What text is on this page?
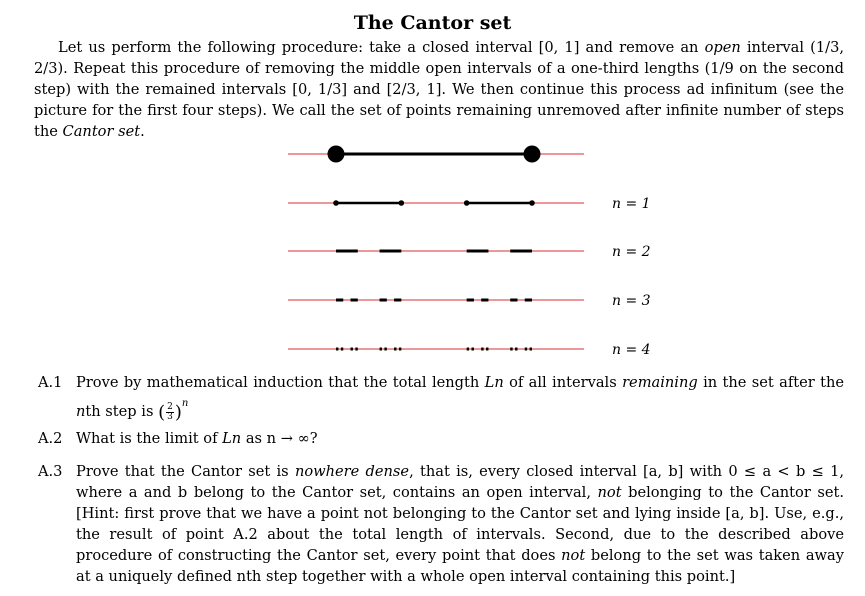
The Cantor set

Let us perform the following procedure: take a closed interval [0, 1] and remove an open interval (1/3, 2/3). Repeat this procedure of removing the middle open intervals of a one-third lengths (1/9 on the second step) with the remained intervals [0, 1/3] and [2/3, 1]. We then continue this process ad infinitum (see the picture for the first four steps). We call the set of points remaining unremoved after infinite number of steps the Cantor set.

n = 1
n = 2
n = 3
n = 4
A.1 Prove by mathematical induction that the total length Ln of all intervals remaining in the set after the nth step is ( $\frac{2}{3} )^n$
A.2 What is the limit of Ln as n → ∞?
A.3 Prove that the Cantor set is nowhere dense, that is, every closed interval [a, b] with 0 ≤ a < b ≤ 1, where a and b belong to the Cantor set, contains an open interval, not belonging to the Cantor set. [Hint: first prove that we have a point not belonging to the Cantor set and lying inside [a, b]. Use, e.g., the result of point A.2 about the total length of intervals. Second, due to the described above procedure of constructing the Cantor set, every point that does not belong to the set was taken away at a uniquely defined nth step together with a whole open interval containing this point.]
